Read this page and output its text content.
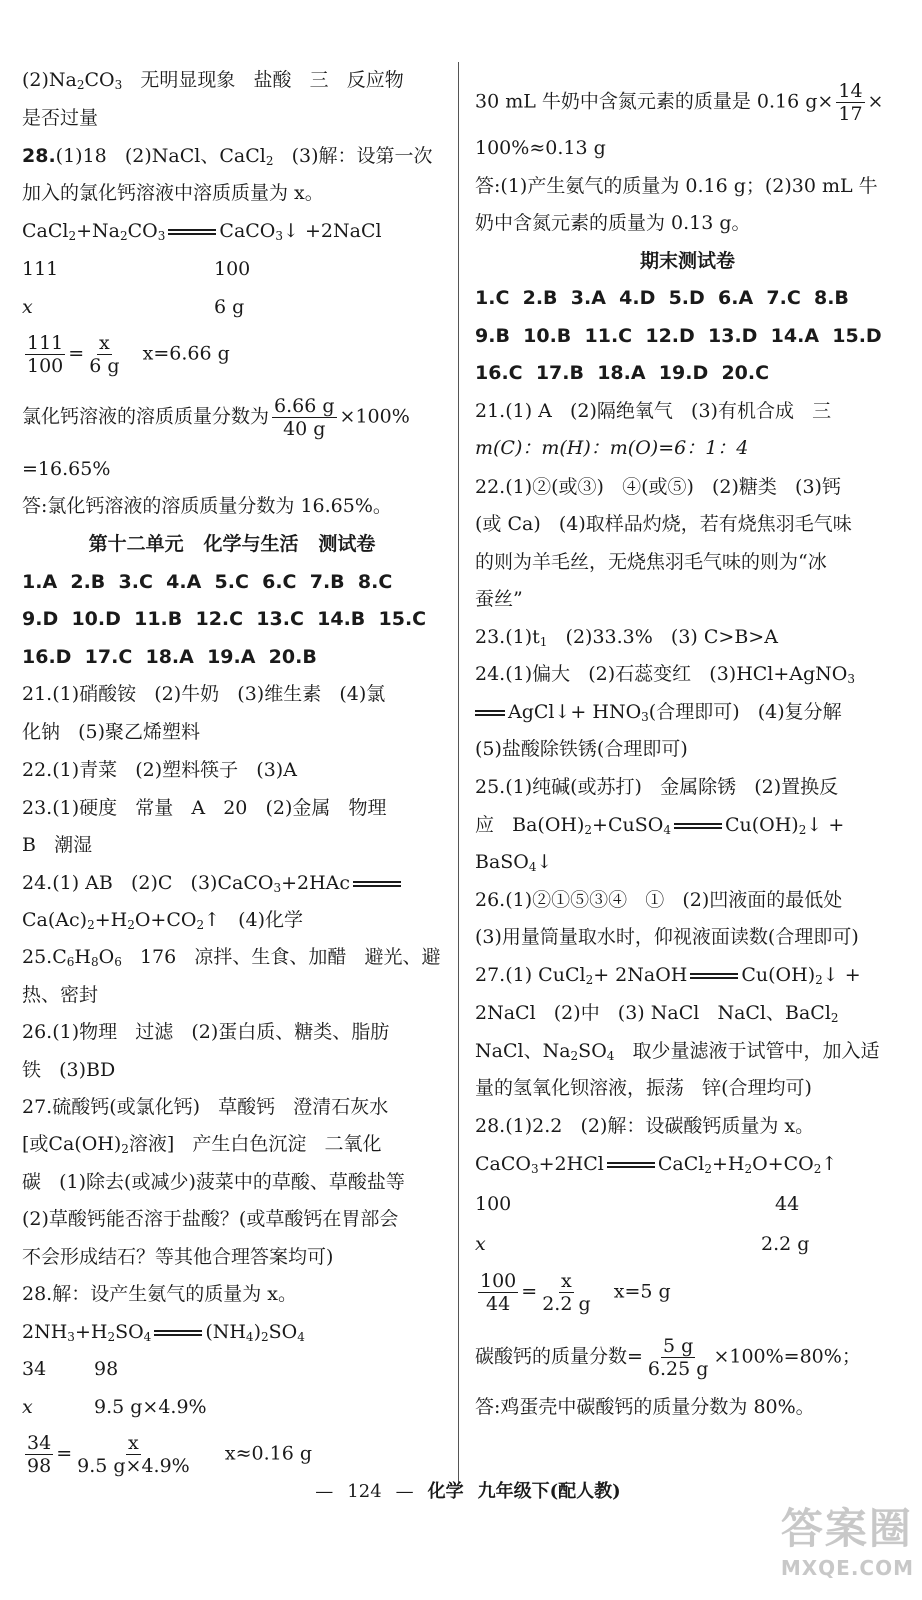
$(2)Na_2CO_3$   无明显现象   盐酸   三   反应物
是否过量
28.(1)18   (2)NaCl、CaCl$_2$   (3)解：设第一次
加入的氯化钙溶液中溶质质量为 x。
$CaCl_2+Na_2CO_3$	CaCO$_3$↓ +2NaCl
111	100
x	6 g
$\frac{111}{100} = \frac{x}{6 g} x=6.66$ g
氯化钙溶液的溶质质量分数为 $\frac{6.66 g}{40 g} \times 100\%$
=16.65%
答:氯化钙溶液的溶质质量分数为 16.65%。
第十二单元   化学与生活   测试卷
1.A  2.B  3.C  4.A  5.C  6.C  7.B  8.C
9.D  10.D  11.B  12.C  13.C  14.B  15.C
16.D  17.C  18.A  19.A  20.B
21.(1)硝酸铵   (2)牛奶   (3)维生素   (4)氯
化钠   (5)聚乙烯塑料
22.(1)青菜   (2)塑料筷子   (3)A
23.(1)硬度   常量   A   20   (2)金属   物理
B   潮湿
24.(1) AB   (2)C   (3)CaCO$_3$+2HAc
$Ca(Ac)_2+H_2O+CO_2↑$   (4)化学
$25.C_6H_8O_6$   176   凉拌、生食、加醋   避光、避
热、密封
26.(1)物理   过滤   (2)蛋白质、糖类、脂肪
铁   (3)BD
27.硫酸钙(或氯化钙)   草酸钙   澄清石灰水
[或$Ca(OH)_2$溶液]   产生白色沉淀   二氧化
碳   (1)除去(或减少)菠菜中的草酸、草酸盐等
(2)草酸钙能否溶于盐酸？(或草酸钙在胃部会
不会形成结石？等其他合理答案均可)
28.解：设产生氨气的质量为 x。
$2NH_3+H_2SO_4$	$(NH_4)_2SO_4$
34	98
x	9.5 g×4.9%
$\frac{34}{98} = \frac{x}{9.5 g\times 4.9\%} x\approx 0.16$ g
30 mL 牛奶中含氮元素的质量是 0.16 $g\times \frac{14}{17}$ ×
100%≈0.13 g
答:(1)产生氨气的质量为 0.16 g；(2)30 mL 牛
奶中含氮元素的质量为 0.13 g。
期末测试卷
1.C  2.B  3.A  4.D  5.D  6.A  7.C  8.B
9.B  10.B  11.C  12.D  13.D  14.A  15.D
16.C  17.B  18.A  19.D  20.C
21.(1) A   (2)隔绝氧气   (3)有机合成   三
m(C)：m(H)：m(O)=6：1：4
22.(1)②(或③)   ④(或⑤)   (2)糖类   (3)钙
(或 Ca)   (4)取样品灼烧，若有烧焦羽毛气味
的则为羊毛丝，无烧焦羽毛气味的则为“冰
蚕丝”
$23.(1)t_1$   (2)33.3%   (3) C>B>A
24.(1)偏大   (2)石蕊变红   (3)HCl+AgNO$_3$
AgCl↓+ $HNO_3$(合理即可)   (4)复分解
(5)盐酸除铁锈(合理即可)
25.(1)纯碱(或苏打)   金属除锈   (2)置换反
应   $Ba(OH)_2+CuSO_4$	$Cu(OH)_2↓$ +
BaSO$_4$↓
26.(1)②①⑤③④   ①   (2)凹液面的最低处
(3)用量筒量取水时，仰视液面读数(合理即可)
27.(1) CuCl$_2$+ 2NaOH	$Cu(OH)_2↓$ +
2NaCl   (2)中   (3) NaCl   NaCl、BaCl$_2$
NaCl、$Na_2SO_4$   取少量滤液于试管中，加入适
量的氢氧化钡溶液，振荡   锌(合理均可)
28.(1)2.2   (2)解：设碳酸钙质量为 x。
CaCO$_3$+2HCl	$CaCl_2+H_2O+CO_2↑$
100	44
x	2.2 g
$\frac{100}{44} = \frac{x}{2.2 g} x=5$ g
碳酸钙的质量分数= $\frac{5 g}{6.25 g} \times 100\%=80\%$；
答:鸡蛋壳中碳酸钙的质量分数为 80%。
— 124 — 化学 九年级下(配人教)
答案圈
MXQE.COM
